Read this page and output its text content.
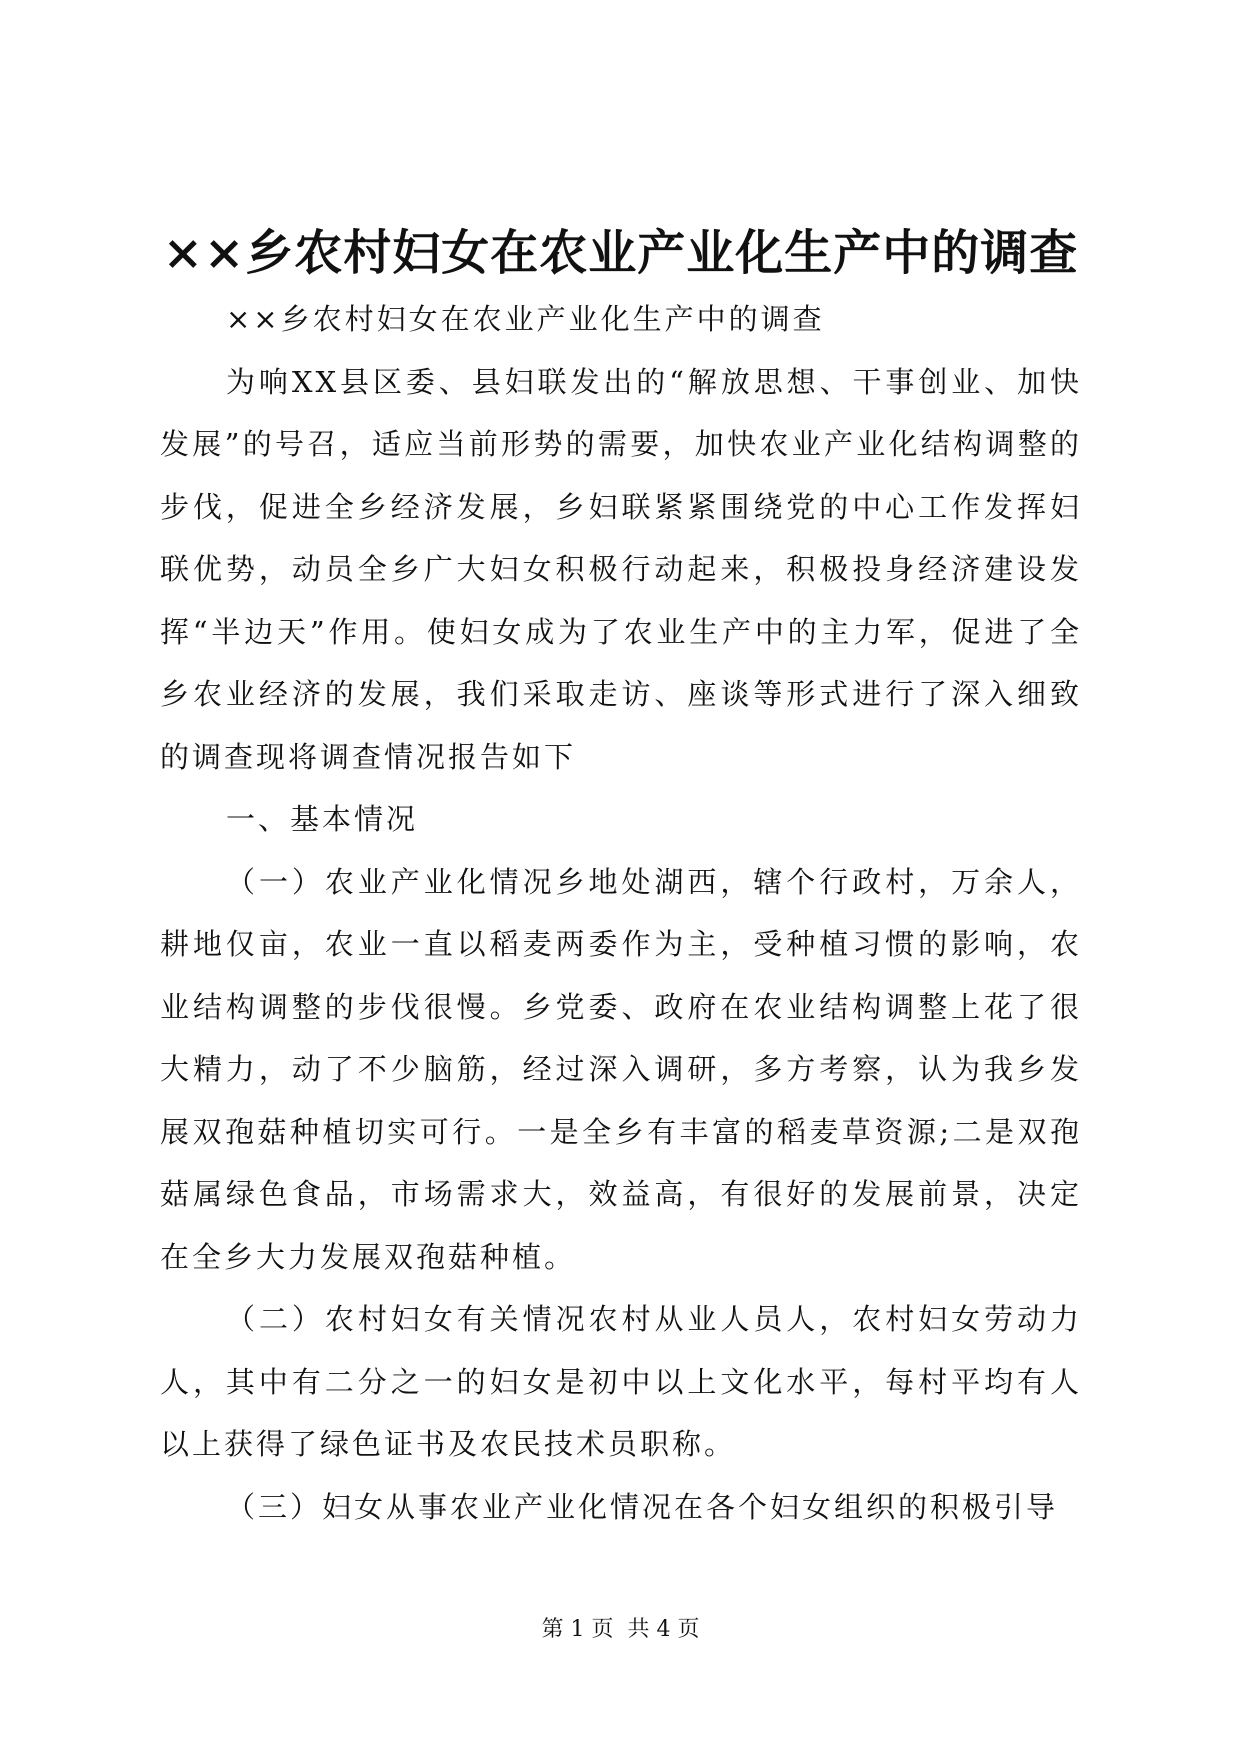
××乡农村妇女在农业产业化生产中的调查

××乡农村妇女在农业产业化生产中的调查

为响XX县区委、县妇联发出的“解放思想、干事创业、加快发展”的号召，适应当前形势的需要，加快农业产业化结构调整的步伐，促进全乡经济发展，乡妇联紧紧围绕党的中心工作发挥妇联优势，动员全乡广大妇女积极行动起来，积极投身经济建设发挥“半边天”作用。使妇女成为了农业生产中的主力军，促进了全乡农业经济的发展，我们采取走访、座谈等形式进行了深入细致的调查现将调查情况报告如下

一、基本情况

（一）农业产业化情况乡地处湖西，辖个行政村，万余人，耕地仅亩，农业一直以稻麦两委作为主，受种植习惯的影响，农业结构调整的步伐很慢。乡党委、政府在农业结构调整上花了很大精力，动了不少脑筋，经过深入调研，多方考察，认为我乡发展双孢菇种植切实可行。一是全乡有丰富的稻麦草资源;二是双孢菇属绿色食品，市场需求大，效益高，有很好的发展前景，决定在全乡大力发展双孢菇种植。

（二）农村妇女有关情况农村从业人员人，农村妇女劳动力人，其中有二分之一的妇女是初中以上文化水平，每村平均有人以上获得了绿色证书及农民技术员职称。

（三）妇女从事农业产业化情况在各个妇女组织的积极引导

第 1 页  共 4 页
